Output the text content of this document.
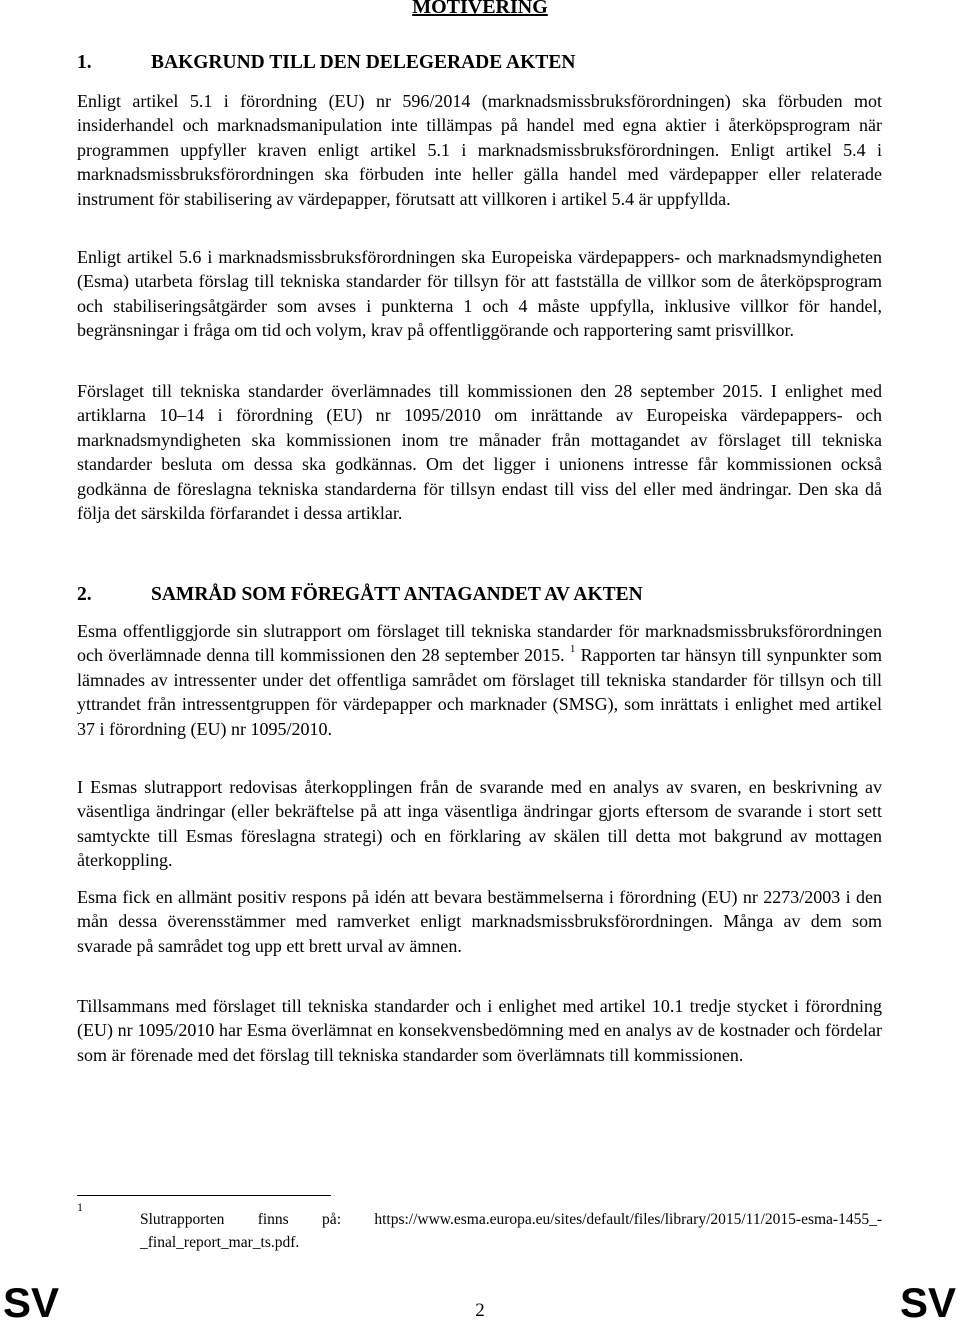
MOTIVERING
1.	BAKGRUND TILL DEN DELEGERADE AKTEN

Enligt artikel 5.1 i förordning (EU) nr 596/2014 (marknadsmissbruksförordningen) ska förbuden mot insiderhandel och marknadsmanipulation inte tillämpas på handel med egna aktier i återköpsprogram när programmen uppfyller kraven enligt artikel 5.1 i marknadsmissbruksförordningen. Enligt artikel 5.4 i marknadsmissbruksförordningen ska förbuden inte heller gälla handel med värdepapper eller relaterade instrument för stabilisering av värdepapper, förutsatt att villkoren i artikel 5.4 är uppfyllda.

Enligt artikel 5.6 i marknadsmissbruksförordningen ska Europeiska värdepappers- och marknadsmyndigheten (Esma) utarbeta förslag till tekniska standarder för tillsyn för att fastställa de villkor som de återköpsprogram och stabiliseringsåtgärder som avses i punkterna 1 och 4 måste uppfylla, inklusive villkor för handel, begränsningar i fråga om tid och volym, krav på offentliggörande och rapportering samt prisvillkor.

Förslaget till tekniska standarder överlämnades till kommissionen den 28 september 2015. I enlighet med artiklarna 10–14 i förordning (EU) nr 1095/2010 om inrättande av Europeiska värdepappers- och marknadsmyndigheten ska kommissionen inom tre månader från mottagandet av förslaget till tekniska standarder besluta om dessa ska godkännas. Om det ligger i unionens intresse får kommissionen också godkänna de föreslagna tekniska standarderna för tillsyn endast till viss del eller med ändringar. Den ska då följa det särskilda förfarandet i dessa artiklar.

2.	SAMRÅD SOM FÖREGÅTT ANTAGANDET AV AKTEN

Esma offentliggjorde sin slutrapport om förslaget till tekniska standarder för marknadsmissbruksförordningen och överlämnade denna till kommissionen den 28 september 2015. $^1$ Rapporten tar hänsyn till synpunkter som lämnades av intressenter under det offentliga samrådet om förslaget till tekniska standarder för tillsyn och till yttrandet från intressentgruppen för värdepapper och marknader (SMSG), som inrättats i enlighet med artikel 37 i förordning (EU) nr 1095/2010.

I Esmas slutrapport redovisas återkopplingen från de svarande med en analys av svaren, en beskrivning av väsentliga ändringar (eller bekräftelse på att inga väsentliga ändringar gjorts eftersom de svarande i stort sett samtyckte till Esmas föreslagna strategi) och en förklaring av skälen till detta mot bakgrund av mottagen återkoppling.

Esma fick en allmänt positiv respons på idén att bevara bestämmelserna i förordning (EU) nr 2273/2003 i den mån dessa överensstämmer med ramverket enligt marknadsmissbruksförordningen. Många av dem som svarade på samrådet tog upp ett brett urval av ämnen.

Tillsammans med förslaget till tekniska standarder och i enlighet med artikel 10.1 tredje stycket i förordning (EU) nr 1095/2010 har Esma överlämnat en konsekvensbedömning med en analys av de kostnader och fördelar som är förenade med det förslag till tekniska standarder som överlämnats till kommissionen.

1
Slutrapporten finns på: https://www.esma.europa.eu/sites/default/files/library/2015/11/2015-esma-1455_-_final_report_mar_ts.pdf.
SV	2	SV
